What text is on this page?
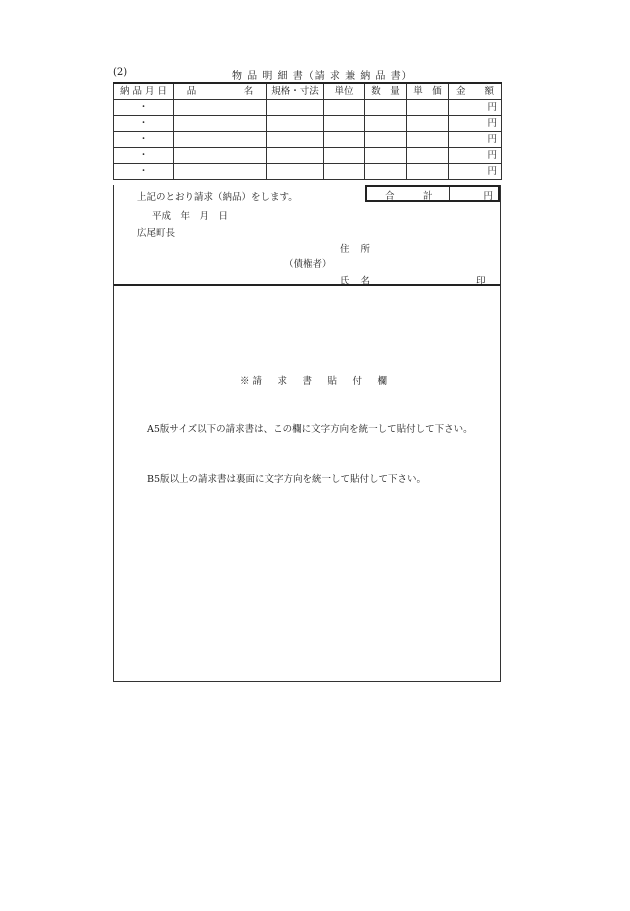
(2)	物 品 明 細 書（請 求 兼 納 品 書）
納 品 月 日	品　　　　　名	規格・寸法	単位	数　量	単　価	金　　額
・						円
・						円
・						円
・						円
・						円
合	計	円
上記のとおり請求（納品）をします。
平成　年　月　日
広尾町長
住 所
（債権者）
氏 名	印
※請　求　書　貼　付　欄
A5版サイズ以下の請求書は、この欄に文字方向を統一して貼付して下さい。
B5版以上の請求書は裏面に文字方向を統一して貼付して下さい。
